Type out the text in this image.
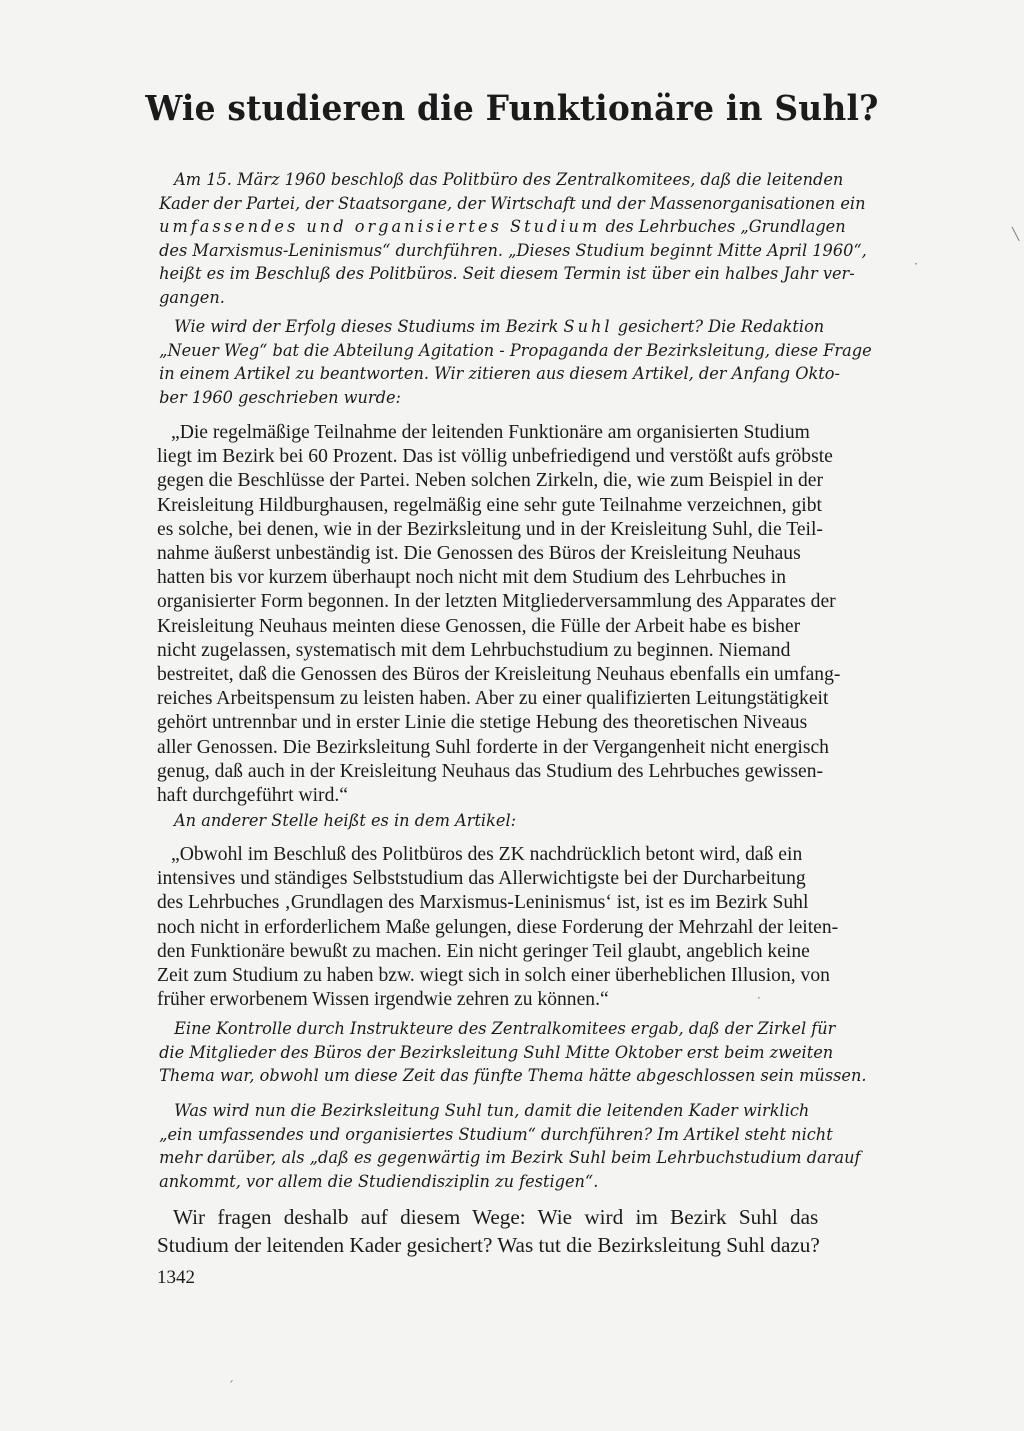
Wie studieren die Funktionäre in Suhl?
Am 15. März 1960 beschloß das Politbüro des Zentralkomitees, daß die leitenden
Kader der Partei, der Staatsorgane, der Wirtschaft und der Massenorganisationen ein
umfassendes und organisiertes Studium des Lehrbuches „Grundlagen
des Marxismus-Leninismus“ durchführen. „Dieses Studium beginnt Mitte April 1960“,
heißt es im Beschluß des Politbüros. Seit diesem Termin ist über ein halbes Jahr ver-
gangen.
Wie wird der Erfolg dieses Studiums im Bezirk Suhl gesichert? Die Redaktion
„Neuer Weg“ bat die Abteilung Agitation - Propaganda der Bezirksleitung, diese Frage
in einem Artikel zu beantworten. Wir zitieren aus diesem Artikel, der Anfang Okto-
ber 1960 geschrieben wurde:
„Die regelmäßige Teilnahme der leitenden Funktionäre am organisierten Studium
liegt im Bezirk bei 60 Prozent. Das ist völlig unbefriedigend und verstößt aufs gröbste
gegen die Beschlüsse der Partei. Neben solchen Zirkeln, die, wie zum Beispiel in der
Kreisleitung Hildburghausen, regelmäßig eine sehr gute Teilnahme verzeichnen, gibt
es solche, bei denen, wie in der Bezirksleitung und in der Kreisleitung Suhl, die Teil-
nahme äußerst unbeständig ist. Die Genossen des Büros der Kreisleitung Neuhaus
hatten bis vor kurzem überhaupt noch nicht mit dem Studium des Lehrbuches in
organisierter Form begonnen. In der letzten Mitgliederversammlung des Apparates der
Kreisleitung Neuhaus meinten diese Genossen, die Fülle der Arbeit habe es bisher
nicht zugelassen, systematisch mit dem Lehrbuchstudium zu beginnen. Niemand
bestreitet, daß die Genossen des Büros der Kreisleitung Neuhaus ebenfalls ein umfang-
reiches Arbeitspensum zu leisten haben. Aber zu einer qualifizierten Leitungstätigkeit
gehört untrennbar und in erster Linie die stetige Hebung des theoretischen Niveaus
aller Genossen. Die Bezirksleitung Suhl forderte in der Vergangenheit nicht energisch
genug, daß auch in der Kreisleitung Neuhaus das Studium des Lehrbuches gewissen-
haft durchgeführt wird.“
An anderer Stelle heißt es in dem Artikel:
„Obwohl im Beschluß des Politbüros des ZK nachdrücklich betont wird, daß ein
intensives und ständiges Selbststudium das Allerwichtigste bei der Durcharbeitung
des Lehrbuches ‚Grundlagen des Marxismus-Leninismus‘ ist, ist es im Bezirk Suhl
noch nicht in erforderlichem Maße gelungen, diese Forderung der Mehrzahl der leiten-
den Funktionäre bewußt zu machen. Ein nicht geringer Teil glaubt, angeblich keine
Zeit zum Studium zu haben bzw. wiegt sich in solch einer überheblichen Illusion, von
früher erworbenem Wissen irgendwie zehren zu können.“
Eine Kontrolle durch Instrukteure des Zentralkomitees ergab, daß der Zirkel für
die Mitglieder des Büros der Bezirksleitung Suhl Mitte Oktober erst beim zweiten
Thema war, obwohl um diese Zeit das fünfte Thema hätte abgeschlossen sein müssen.
Was wird nun die Bezirksleitung Suhl tun, damit die leitenden Kader wirklich
„ein umfassendes und organisiertes Studium“ durchführen? Im Artikel steht nicht
mehr darüber, als „daß es gegenwärtig im Bezirk Suhl beim Lehrbuchstudium darauf
ankommt, vor allem die Studiendisziplin zu festigen“.
Wir fragen deshalb auf diesem Wege: Wie wird im Bezirk Suhl das
Studium der leitenden Kader gesichert? Was tut die Bezirksleitung Suhl dazu?
1342
╲
·
·
ˊ
